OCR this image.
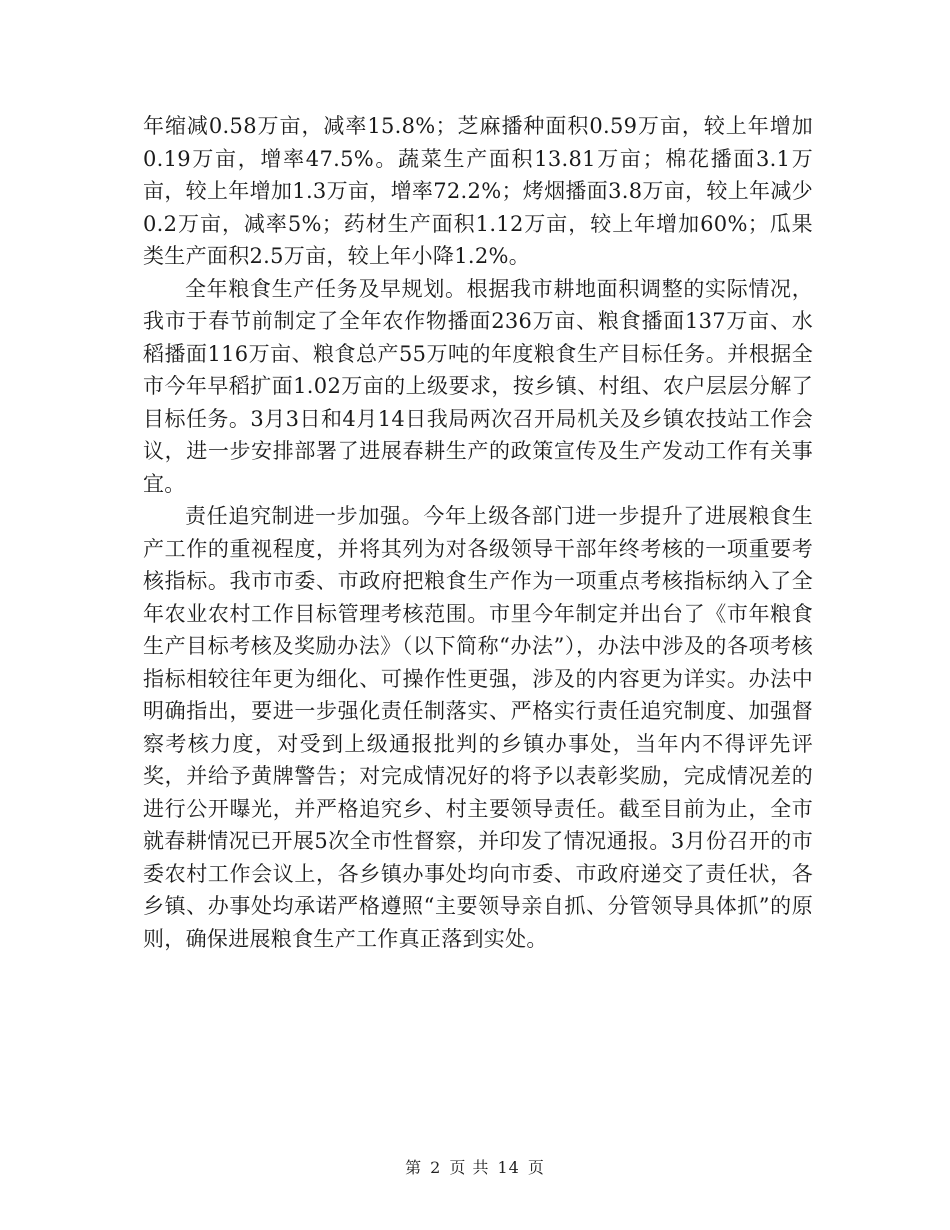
年缩减0.58万亩，减率15.8%；芝麻播种面积0.59万亩，较上年增加0.19万亩，增率47.5%。蔬菜生产面积13.81万亩；棉花播面3.1万亩，较上年增加1.3万亩，增率72.2%；烤烟播面3.8万亩，较上年减少0.2万亩，减率5%；药材生产面积1.12万亩，较上年增加60%；瓜果类生产面积2.5万亩，较上年小降1.2%。

全年粮食生产任务及早规划。根据我市耕地面积调整的实际情况，我市于春节前制定了全年农作物播面236万亩、粮食播面137万亩、水稻播面116万亩、粮食总产55万吨的年度粮食生产目标任务。并根据全市今年早稻扩面1.02万亩的上级要求，按乡镇、村组、农户层层分解了目标任务。3月3日和4月14日我局两次召开局机关及乡镇农技站工作会议，进一步安排部署了进展春耕生产的政策宣传及生产发动工作有关事宜。

责任追究制进一步加强。今年上级各部门进一步提升了进展粮食生产工作的重视程度，并将其列为对各级领导干部年终考核的一项重要考核指标。我市市委、市政府把粮食生产作为一项重点考核指标纳入了全年农业农村工作目标管理考核范围。市里今年制定并出台了《市年粮食生产目标考核及奖励办法》（以下简称“办法”），办法中涉及的各项考核指标相较往年更为细化、可操作性更强，涉及的内容更为详实。办法中明确指出，要进一步强化责任制落实、严格实行责任追究制度、加强督察考核力度，对受到上级通报批判的乡镇办事处，当年内不得评先评奖，并给予黄牌警告；对完成情况好的将予以表彰奖励，完成情况差的进行公开曝光，并严格追究乡、村主要领导责任。截至目前为止，全市就春耕情况已开展5次全市性督察，并印发了情况通报。3月份召开的市委农村工作会议上，各乡镇办事处均向市委、市政府递交了责任状，各乡镇、办事处均承诺严格遵照“主要领导亲自抓、分管领导具体抓”的原则，确保进展粮食生产工作真正落到实处。

第 2 页 共 14 页
